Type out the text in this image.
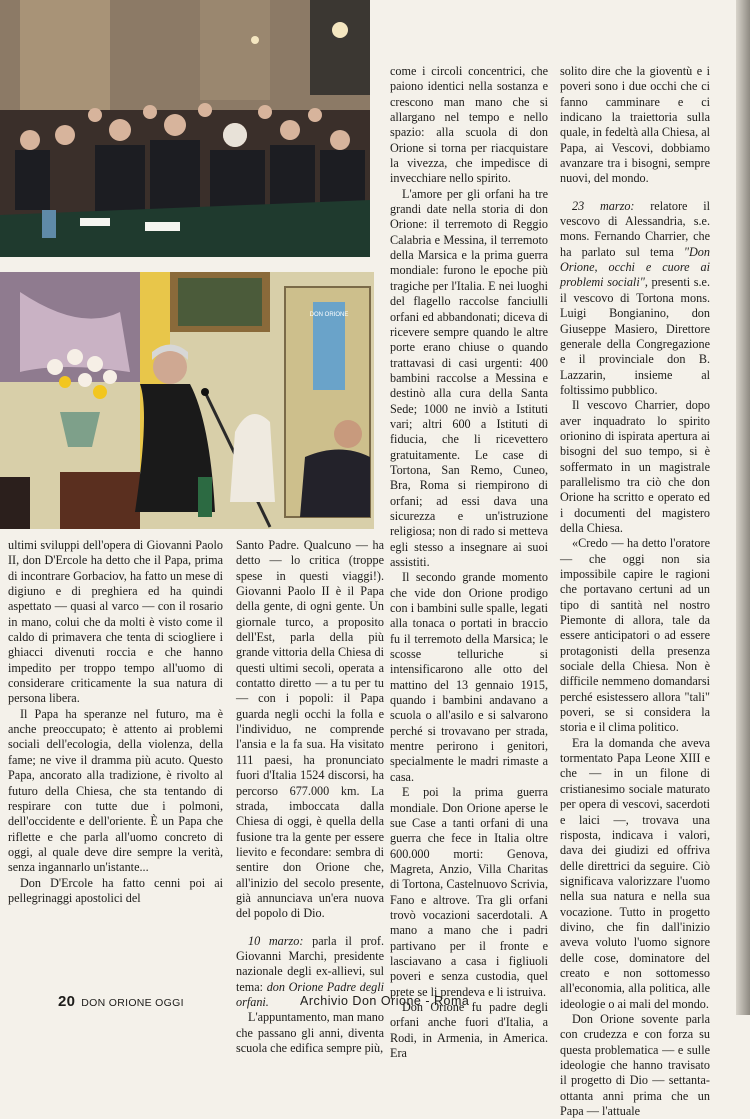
DON ORIONE

ultimi sviluppi dell'opera di Giovanni Paolo II, don D'Ercole ha detto che il Papa, prima di incontrare Gorbaciov, ha fatto un mese di digiuno e di preghiera ed ha quindi aspettato — quasi al varco — con il rosario in mano, colui che da molti è visto come il caldo di primavera che tenta di sciogliere i ghiacci divenuti roccia e che hanno impedito per troppo tempo all'uomo di considerare criticamente la sua natura di persona libera.

Il Papa ha speranze nel futuro, ma è anche preoccupato; è attento ai problemi sociali dell'ecologia, della violenza, della fame; ne vive il dramma più acuto. Questo Papa, ancorato alla tradizione, è rivolto al futuro della Chiesa, che sta tentando di respirare con tutte due i polmoni, dell'occidente e dell'oriente. È un Papa che riflette e che parla all'uomo concreto di oggi, al quale deve dire sempre la verità, senza ingannarlo un'istante...

Don D'Ercole ha fatto cenni poi ai pellegrinaggi apostolici del

Santo Padre. Qualcuno — ha detto — lo critica (troppe spese in questi viaggi!). Giovanni Paolo II è il Papa della gente, di ogni gente. Un giornale turco, a proposito dell'Est, parla della più grande vittoria della Chiesa di questi ultimi secoli, operata a contatto diretto — a tu per tu — con i popoli: il Papa guarda negli occhi la folla e l'individuo, ne comprende l'ansia e la fa sua. Ha visitato 111 paesi, ha pronunciato fuori d'Italia 1524 discorsi, ha percorso 677.000 km. La strada, imboccata dalla Chiesa di oggi, è quella della fusione tra la gente per essere lievito e fecondare: sembra di sentire don Orione che, all'inizio del secolo presente, già annunciava un'era nuova del popolo di Dio.

10 marzo: parla il prof. Giovanni Marchi, presidente nazionale degli ex-allievi, sul tema: don Orione Padre degli orfani.

L'appuntamento, man mano che passano gli anni, diventa scuola che edifica sempre più,

come i circoli concentrici, che paiono identici nella sostanza e crescono man mano che si allargano nel tempo e nello spazio: alla scuola di don Orione si torna per riacquistare la vivezza, che impedisce di invecchiare nello spirito.

L'amore per gli orfani ha tre grandi date nella storia di don Orione: il terremoto di Reggio Calabria e Messina, il terremoto della Marsica e la prima guerra mondiale: furono le epoche più tragiche per l'Italia. E nei luoghi del flagello raccolse fanciulli orfani ed abbandonati; diceva di ricevere sempre quando le altre porte erano chiuse o quando trattavasi di casi urgenti: 400 bambini raccolse a Messina e destinò alla cura della Santa Sede; 1000 ne inviò a Istituti vari; altri 600 a Istituti di fiducia, che li ricevettero gratuitamente. Le case di Tortona, San Remo, Cuneo, Bra, Roma si riempirono di orfani; ad essi dava una sicurezza e un'istruzione religiosa; non di rado si metteva egli stesso a insegnare ai suoi assistiti.

Il secondo grande momento che vide don Orione prodigo con i bambini sulle spalle, legati alla tonaca o portati in braccio fu il terremoto della Marsica; le scosse telluriche si intensificarono alle otto del mattino del 13 gennaio 1915, quando i bambini andavano a scuola o all'asilo e si salvarono perché si trovavano per strada, mentre perirono i genitori, specialmente le madri rimaste a casa.

E poi la prima guerra mondiale. Don Orione aperse le sue Case a tanti orfani di una guerra che fece in Italia oltre 600.000 morti: Genova, Magreta, Anzio, Villa Charitas di Tortona, Castelnuovo Scrivia, Fano e altrove. Tra gli orfani trovò vocazioni sacerdotali. A mano a mano che i padri partivano per il fronte e lasciavano a casa i figliuoli poveri e senza custodia, quel prete se li prendeva e li istruiva.

Don Orione fu padre degli orfani anche fuori d'Italia, a Rodi, in Armenia, in America. Era

solito dire che la gioventù e i poveri sono i due occhi che ci fanno camminare e ci indicano la traiettoria sulla quale, in fedeltà alla Chiesa, al Papa, ai Vescovi, dobbiamo avanzare tra i bisogni, sempre nuovi, del mondo.

23 marzo: relatore il vescovo di Alessandria, s.e. mons. Fernando Charrier, che ha parlato sul tema "Don Orione, occhi e cuore ai problemi sociali", presenti s.e. il vescovo di Tortona mons. Luigi Bongianino, don Giuseppe Masiero, Direttore generale della Congregazione e il provinciale don B. Lazzarin, insieme al foltissimo pubblico.

Il vescovo Charrier, dopo aver inquadrato lo spirito orionino di ispirata apertura ai bisogni del suo tempo, si è soffermato in un magistrale parallelismo tra ciò che don Orione ha scritto e operato ed i documenti del magistero della Chiesa.

«Credo — ha detto l'oratore — che oggi non sia impossibile capire le ragioni che portavano certuni ad un tipo di santità nel nostro Piemonte di allora, tale da essere anticipatori o ad essere protagonisti della presenza sociale della Chiesa. Non è difficile nemmeno domandarsi perché esistessero allora "tali" poveri, se si considera la storia e il clima politico.

Era la domanda che aveva tormentato Papa Leone XIII e che — in un filone di cristianesimo sociale maturato per opera di vescovi, sacerdoti e laici —, trovava una risposta, indicava i valori, dava dei giudizi ed offriva delle direttrici da seguire. Ciò significava valorizzare l'uomo nella sua natura e nella sua vocazione. Tutto in progetto divino, che fin dall'inizio aveva voluto l'uomo signore delle cose, dominatore del creato e non sottomesso all'economia, alla politica, alle ideologie o ai mali del mondo.

Don Orione sovente parla con crudezza e con forza su questa problematica — e sulle ideologie che hanno travisato il progetto di Dio — settanta-ottanta anni prima che un Papa — l'attuale

20 DON ORIONE OGGI	Archivio Don Orione - Roma
